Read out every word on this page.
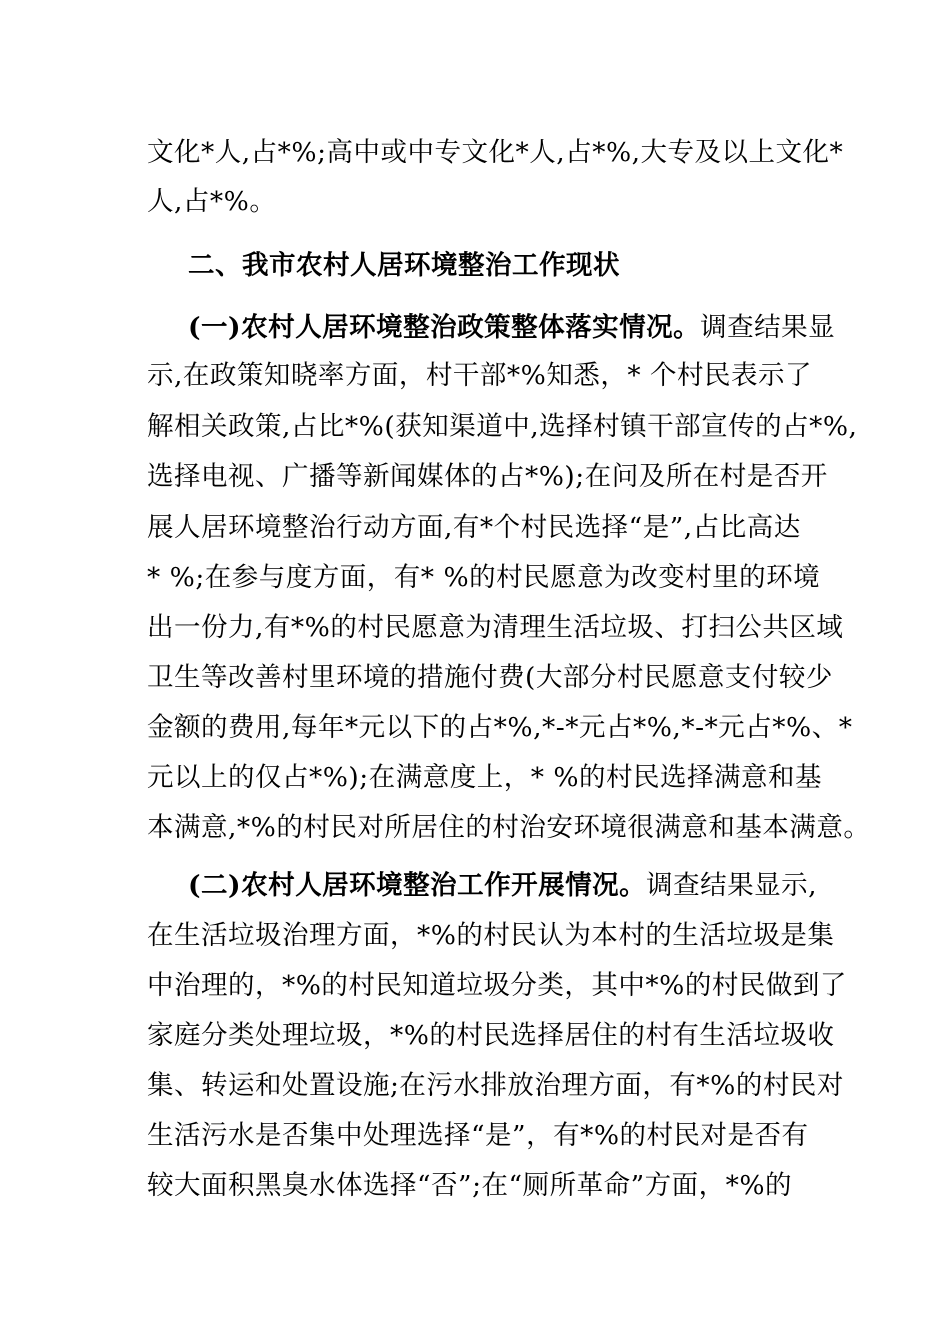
文化*人,占*%;高中或中专文化*人,占*%,大专及以上文化*
人,占*%。
二、我市农村人居环境整治工作现状
(一)农村人居环境整治政策整体落实情况。调查结果显
示,在政策知晓率方面，村干部*%知悉，* 个村民表示了
解相关政策,占比*%(获知渠道中,选择村镇干部宣传的占*%,
选择电视、广播等新闻媒体的占*%);在问及所在村是否开
展人居环境整治行动方面,有*个村民选择“是”,占比高达
* %;在参与度方面，有* %的村民愿意为改变村里的环境
出一份力,有*%的村民愿意为清理生活垃圾、打扫公共区域
卫生等改善村里环境的措施付费(大部分村民愿意支付较少
金额的费用,每年*元以下的占*%,*-*元占*%,*-*元占*%、*
元以上的仅占*%);在满意度上，* %的村民选择满意和基
本满意,*%的村民对所居住的村治安环境很满意和基本满意。
(二)农村人居环境整治工作开展情况。调查结果显示,
在生活垃圾治理方面，*%的村民认为本村的生活垃圾是集
中治理的，*%的村民知道垃圾分类，其中*%的村民做到了
家庭分类处理垃圾，*%的村民选择居住的村有生活垃圾收
集、转运和处置设施;在污水排放治理方面，有*%的村民对
生活污水是否集中处理选择“是”，有*%的村民对是否有
较大面积黑臭水体选择“否”;在“厕所革命”方面，*%的
